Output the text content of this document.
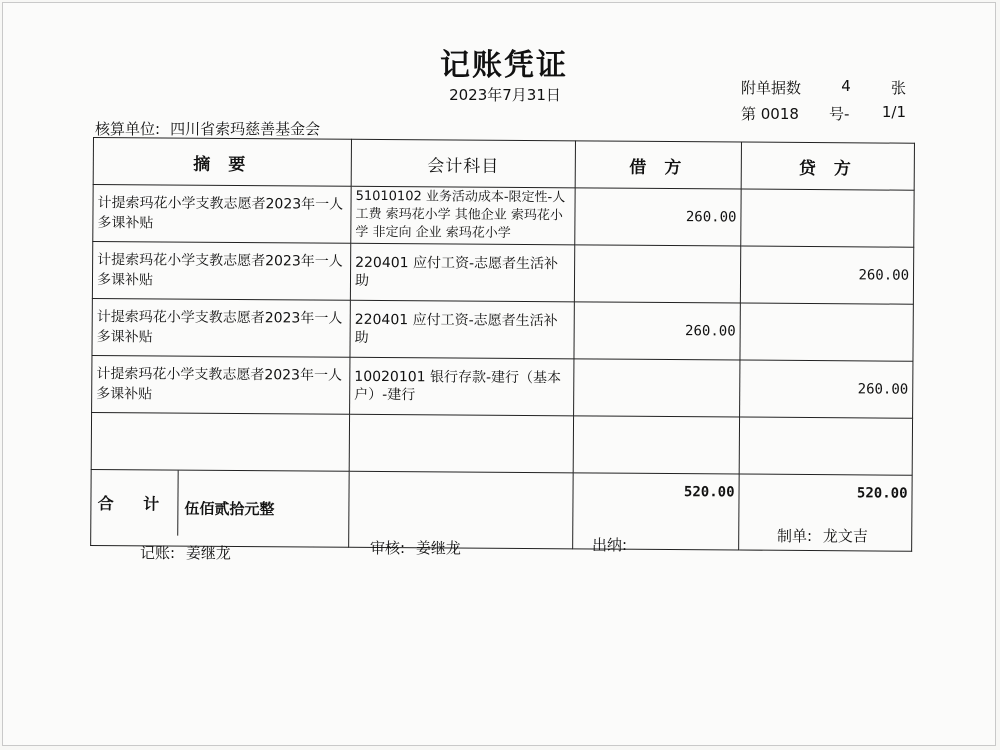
记账凭证
2023年7月31日	附单据数	4	张
第 0018	号-	1/1
核算单位: 四川省索玛慈善基金会
摘 要	会计科目	借 方	贷 方
计提索玛花小学支教志愿者2023年一人多课补贴	51010102 业务活动成本-限定性-人工费 索玛花小学 其他企业 索玛花小学 非定向 企业 索玛花小学	260.00	
计提索玛花小学支教志愿者2023年一人多课补贴	220401 应付工资-志愿者生活补助		260.00
计提索玛花小学支教志愿者2023年一人多课补贴	220401 应付工资-志愿者生活补助	260.00	
计提索玛花小学支教志愿者2023年一人多课补贴	10020101 银行存款-建行（基本户）-建行		260.00

合 计 伍佰贰拾元整		520.00	520.00
记账: 姜继龙	审核: 姜继龙	出纳:	制单: 龙文吉
